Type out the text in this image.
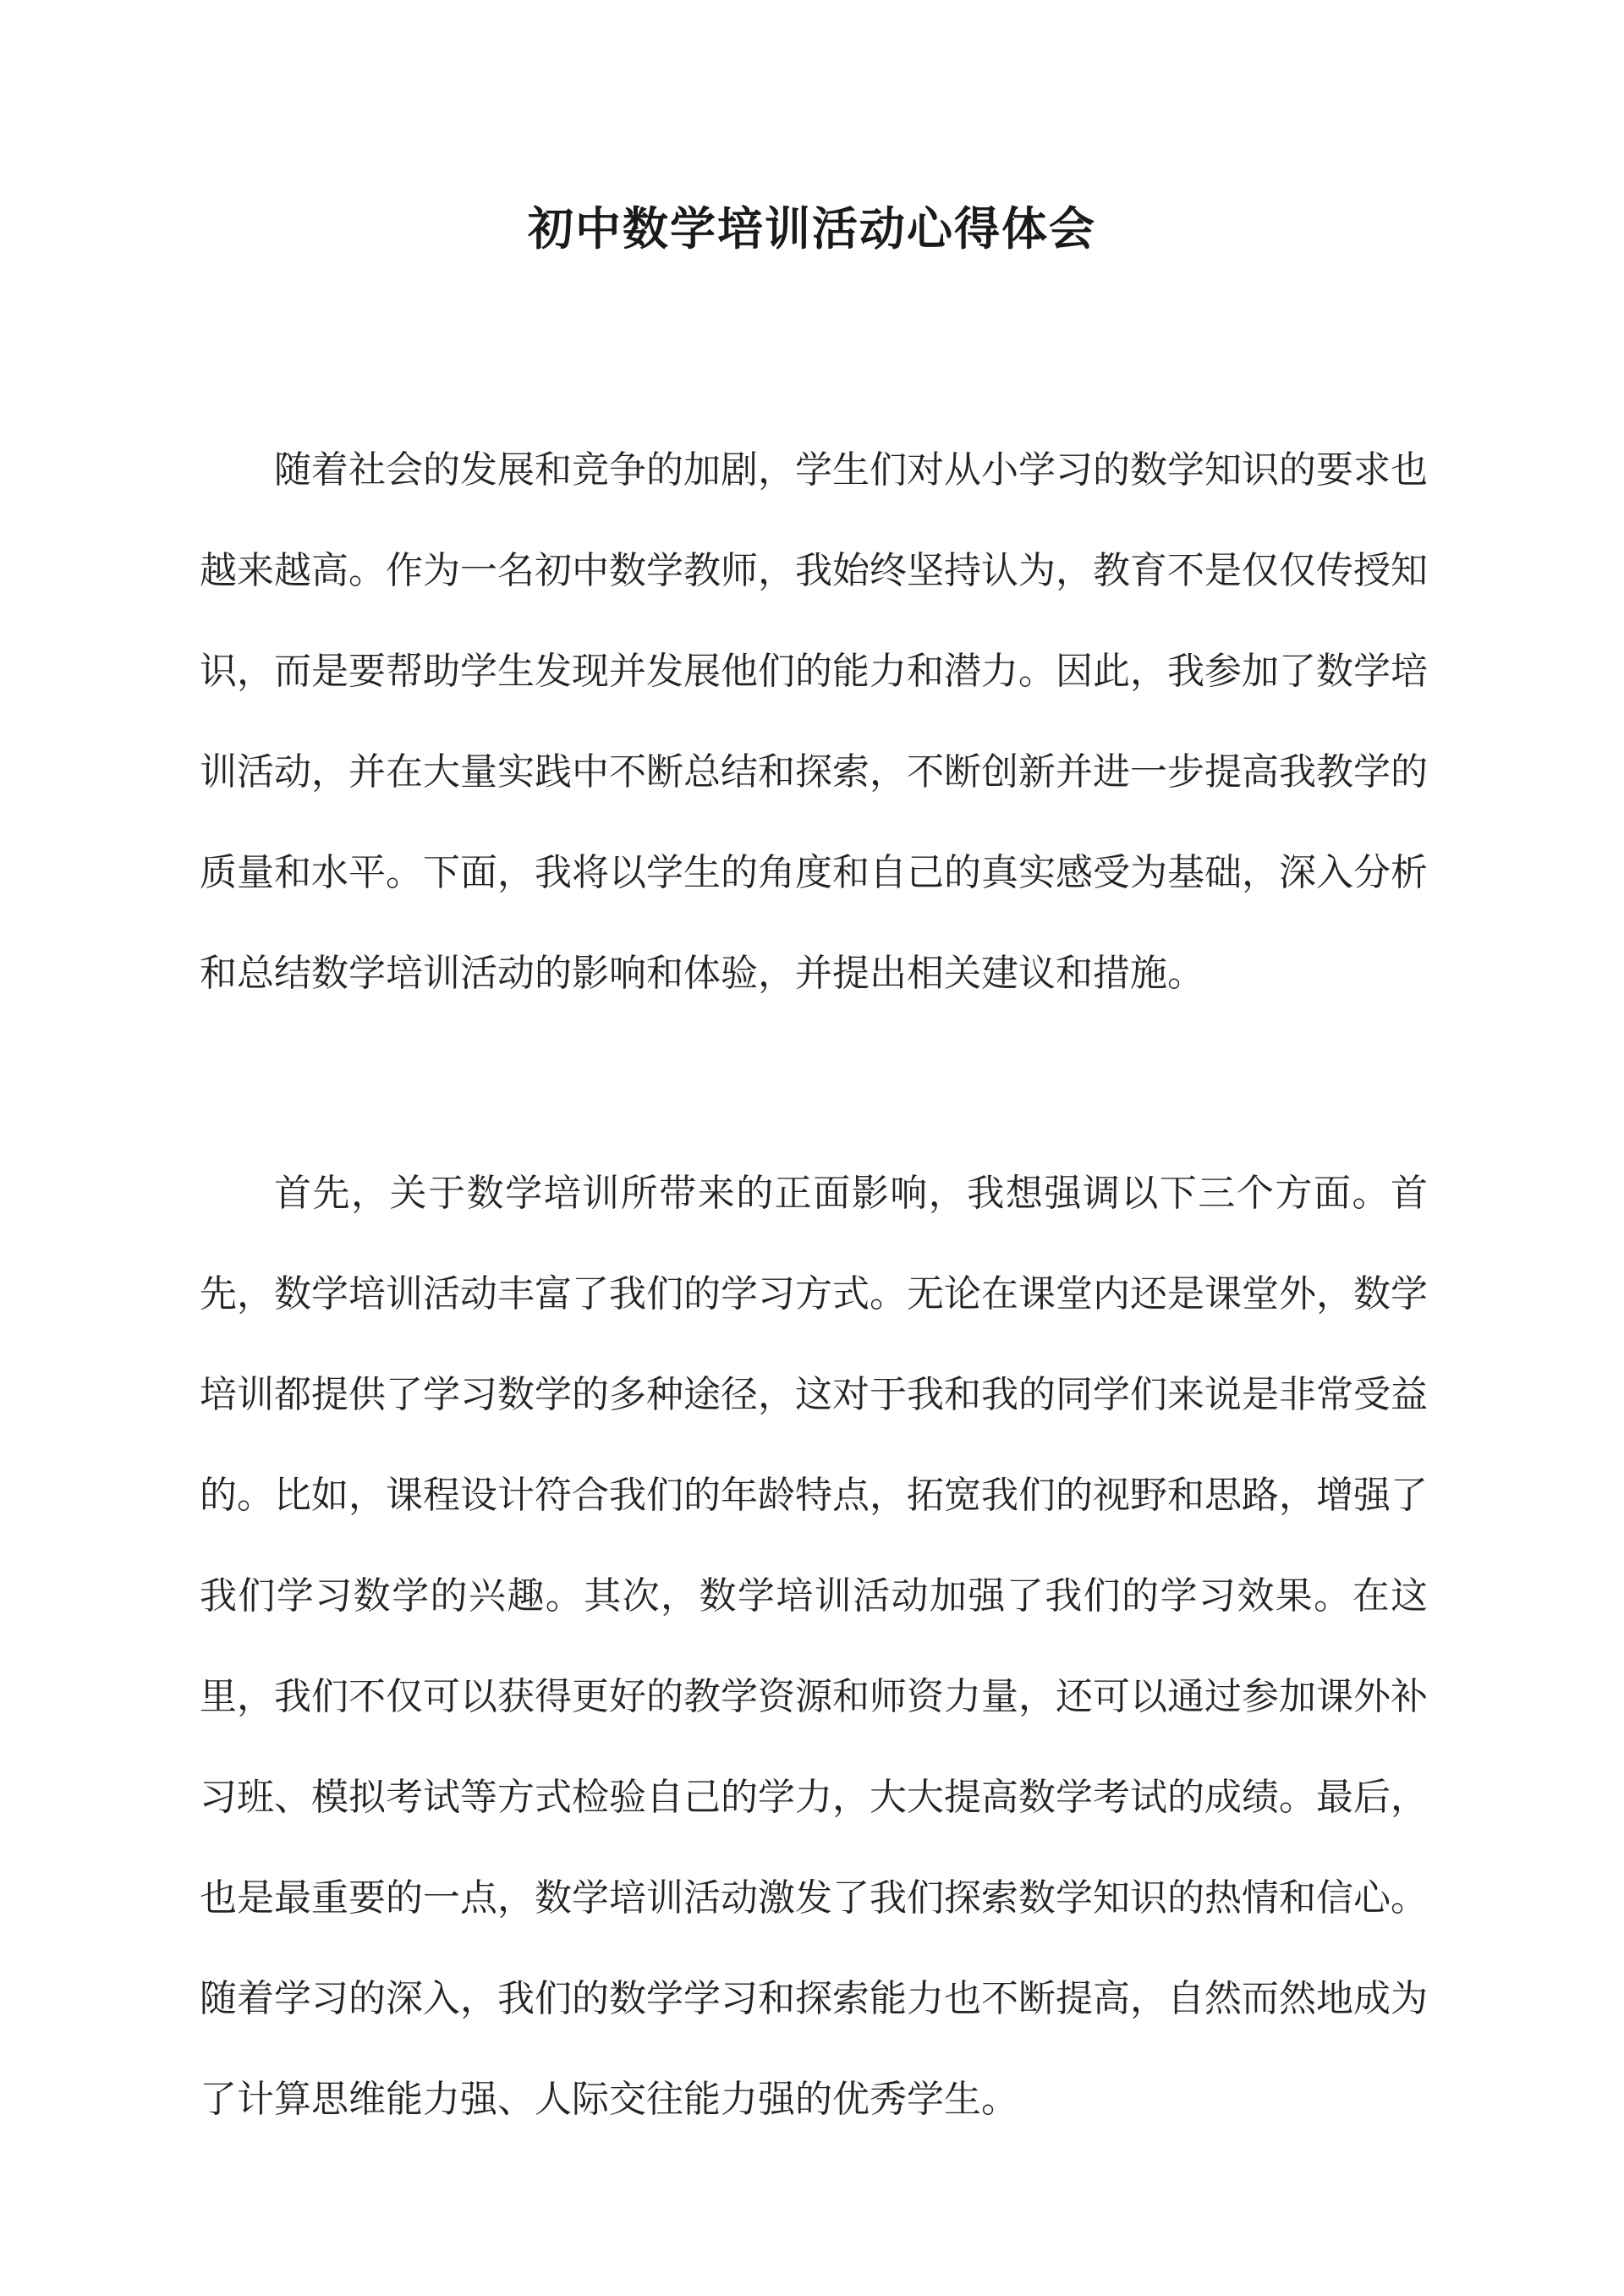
初中数学培训活动心得体会

随着社会的发展和竞争的加剧，学生们对从小学习的数学知识的要求也越来越高。作为一名初中数学教师，我始终坚持认为，教育不是仅仅传授知识，而是要帮助学生发现并发展他们的能力和潜力。因此，我参加了数学培训活动，并在大量实践中不断总结和探索，不断创新并进一步提高我教学的质量和水平。下面，我将以学生的角度和自己的真实感受为基础，深入分析和总结数学培训活动的影响和体验，并提出相关建议和措施。

首先，关于数学培训所带来的正面影响，我想强调以下三个方面。首先，数学培训活动丰富了我们的学习方式。无论在课堂内还是课堂外，数学培训都提供了学习数学的多种途径，这对于我和我的同学们来说是非常受益的。比如，课程设计符合我们的年龄特点，拓宽我们的视野和思路，增强了我们学习数学的兴趣。其次，数学培训活动加强了我们的学习效果。在这里，我们不仅可以获得更好的教学资源和师资力量，还可以通过参加课外补习班、模拟考试等方式检验自己的学力，大大提高数学考试的成绩。最后，也是最重要的一点，数学培训活动激发了我们探索数学知识的热情和信心。随着学习的深入，我们的数学学习和探索能力也不断提高，自然而然地成为了计算思维能力强、人际交往能力强的优秀学生。
